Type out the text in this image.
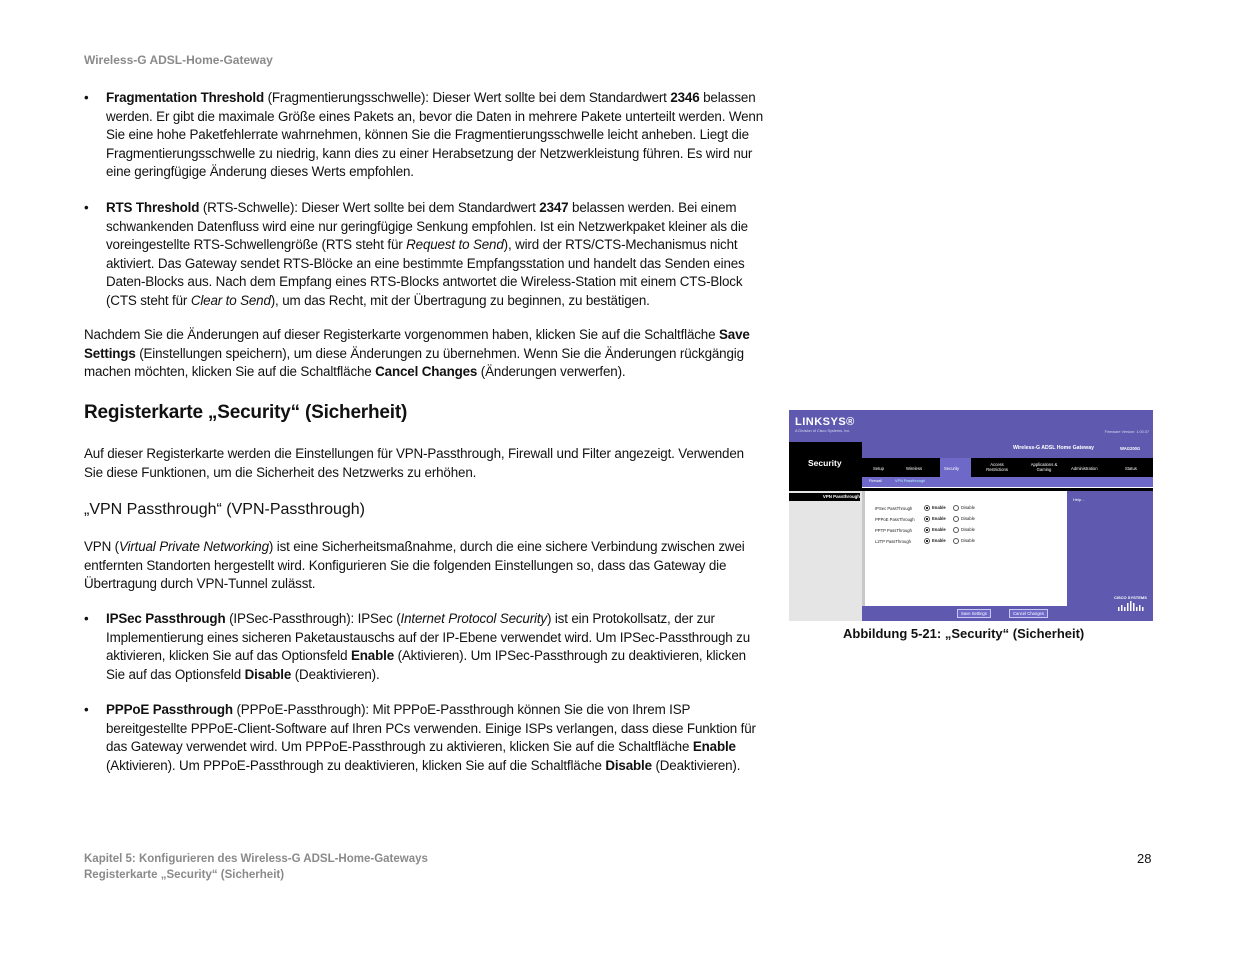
Wireless-G ADSL-Home-Gateway
• Fragmentation Threshold (Fragmentierungsschwelle): Dieser Wert sollte bei dem Standardwert 2346 belassen werden. Er gibt die maximale Größe eines Pakets an, bevor die Daten in mehrere Pakete unterteilt werden. Wenn Sie eine hohe Paketfehlerrate wahrnehmen, können Sie die Fragmentierungsschwelle leicht anheben. Liegt die Fragmentierungsschwelle zu niedrig, kann dies zu einer Herabsetzung der Netzwerkleistung führen. Es wird nur eine geringfügige Änderung dieses Werts empfohlen.
• RTS Threshold (RTS-Schwelle): Dieser Wert sollte bei dem Standardwert 2347 belassen werden. Bei einem schwankenden Datenfluss wird eine nur geringfügige Senkung empfohlen. Ist ein Netzwerkpaket kleiner als die voreingestellte RTS-Schwellengröße (RTS steht für Request to Send), wird der RTS/CTS-Mechanismus nicht aktiviert. Das Gateway sendet RTS-Blöcke an eine bestimmte Empfangsstation und handelt das Senden eines Daten-Blocks aus. Nach dem Empfang eines RTS-Blocks antwortet die Wireless-Station mit einem CTS-Block (CTS steht für Clear to Send), um das Recht, mit der Übertragung zu beginnen, zu bestätigen.
Nachdem Sie die Änderungen auf dieser Registerkarte vorgenommen haben, klicken Sie auf die Schaltfläche Save Settings (Einstellungen speichern), um diese Änderungen zu übernehmen. Wenn Sie die Änderungen rückgängig machen möchten, klicken Sie auf die Schaltfläche Cancel Changes (Änderungen verwerfen).
Registerkarte „Security“ (Sicherheit)
Auf dieser Registerkarte werden die Einstellungen für VPN-Passthrough, Firewall und Filter angezeigt. Verwenden Sie diese Funktionen, um die Sicherheit des Netzwerks zu erhöhen.
„VPN Passthrough“ (VPN-Passthrough)
VPN (Virtual Private Networking) ist eine Sicherheitsmaßnahme, durch die eine sichere Verbindung zwischen zwei entfernten Standorten hergestellt wird. Konfigurieren Sie die folgenden Einstellungen so, dass das Gateway die Übertragung durch VPN-Tunnel zulässt.
• IPSec Passthrough (IPSec-Passthrough): IPSec (Internet Protocol Security) ist ein Protokollsatz, der zur Implementierung eines sicheren Paketaustauschs auf der IP-Ebene verwendet wird. Um IPSec-Passthrough zu aktivieren, klicken Sie auf das Optionsfeld Enable (Aktivieren). Um IPSec-Passthrough zu deaktivieren, klicken Sie auf das Optionsfeld Disable (Deaktivieren).
• PPPoE Passthrough (PPPoE-Passthrough): Mit PPPoE-Passthrough können Sie die von Ihrem ISP bereitgestellte PPPoE-Client-Software auf Ihren PCs verwenden. Einige ISPs verlangen, dass diese Funktion für das Gateway verwendet wird. Um PPPoE-Passthrough zu aktivieren, klicken Sie auf die Schaltfläche Enable (Aktivieren). Um PPPoE-Passthrough zu deaktivieren, klicken Sie auf die Schaltfläche Disable (Deaktivieren).
LINKSYS®
A Division of Cisco Systems, Inc.	Firmware Version: 1.00.07
Security
Wireless-G ADSL Home Gateway	WAG200G
Setup	Wireless	Security
Access Restrictions
Applications & Gaming	Administration	Status
Firewall	VPN Passthrough
VPN Passthrough
Help...
IPSec PassThrough	Enable	Disable
PPPoE PassThrough	Enable	Disable
PPTP PassThrough	Enable	Disable
L2TP PassThrough	Enable	Disable
Save Settings	Cancel Changes
CISCO SYSTEMS
Abbildung 5-21: „Security“ (Sicherheit)
Kapitel 5: Konfigurieren des Wireless-G ADSL-Home-Gateways
Registerkarte „Security“ (Sicherheit)
28
